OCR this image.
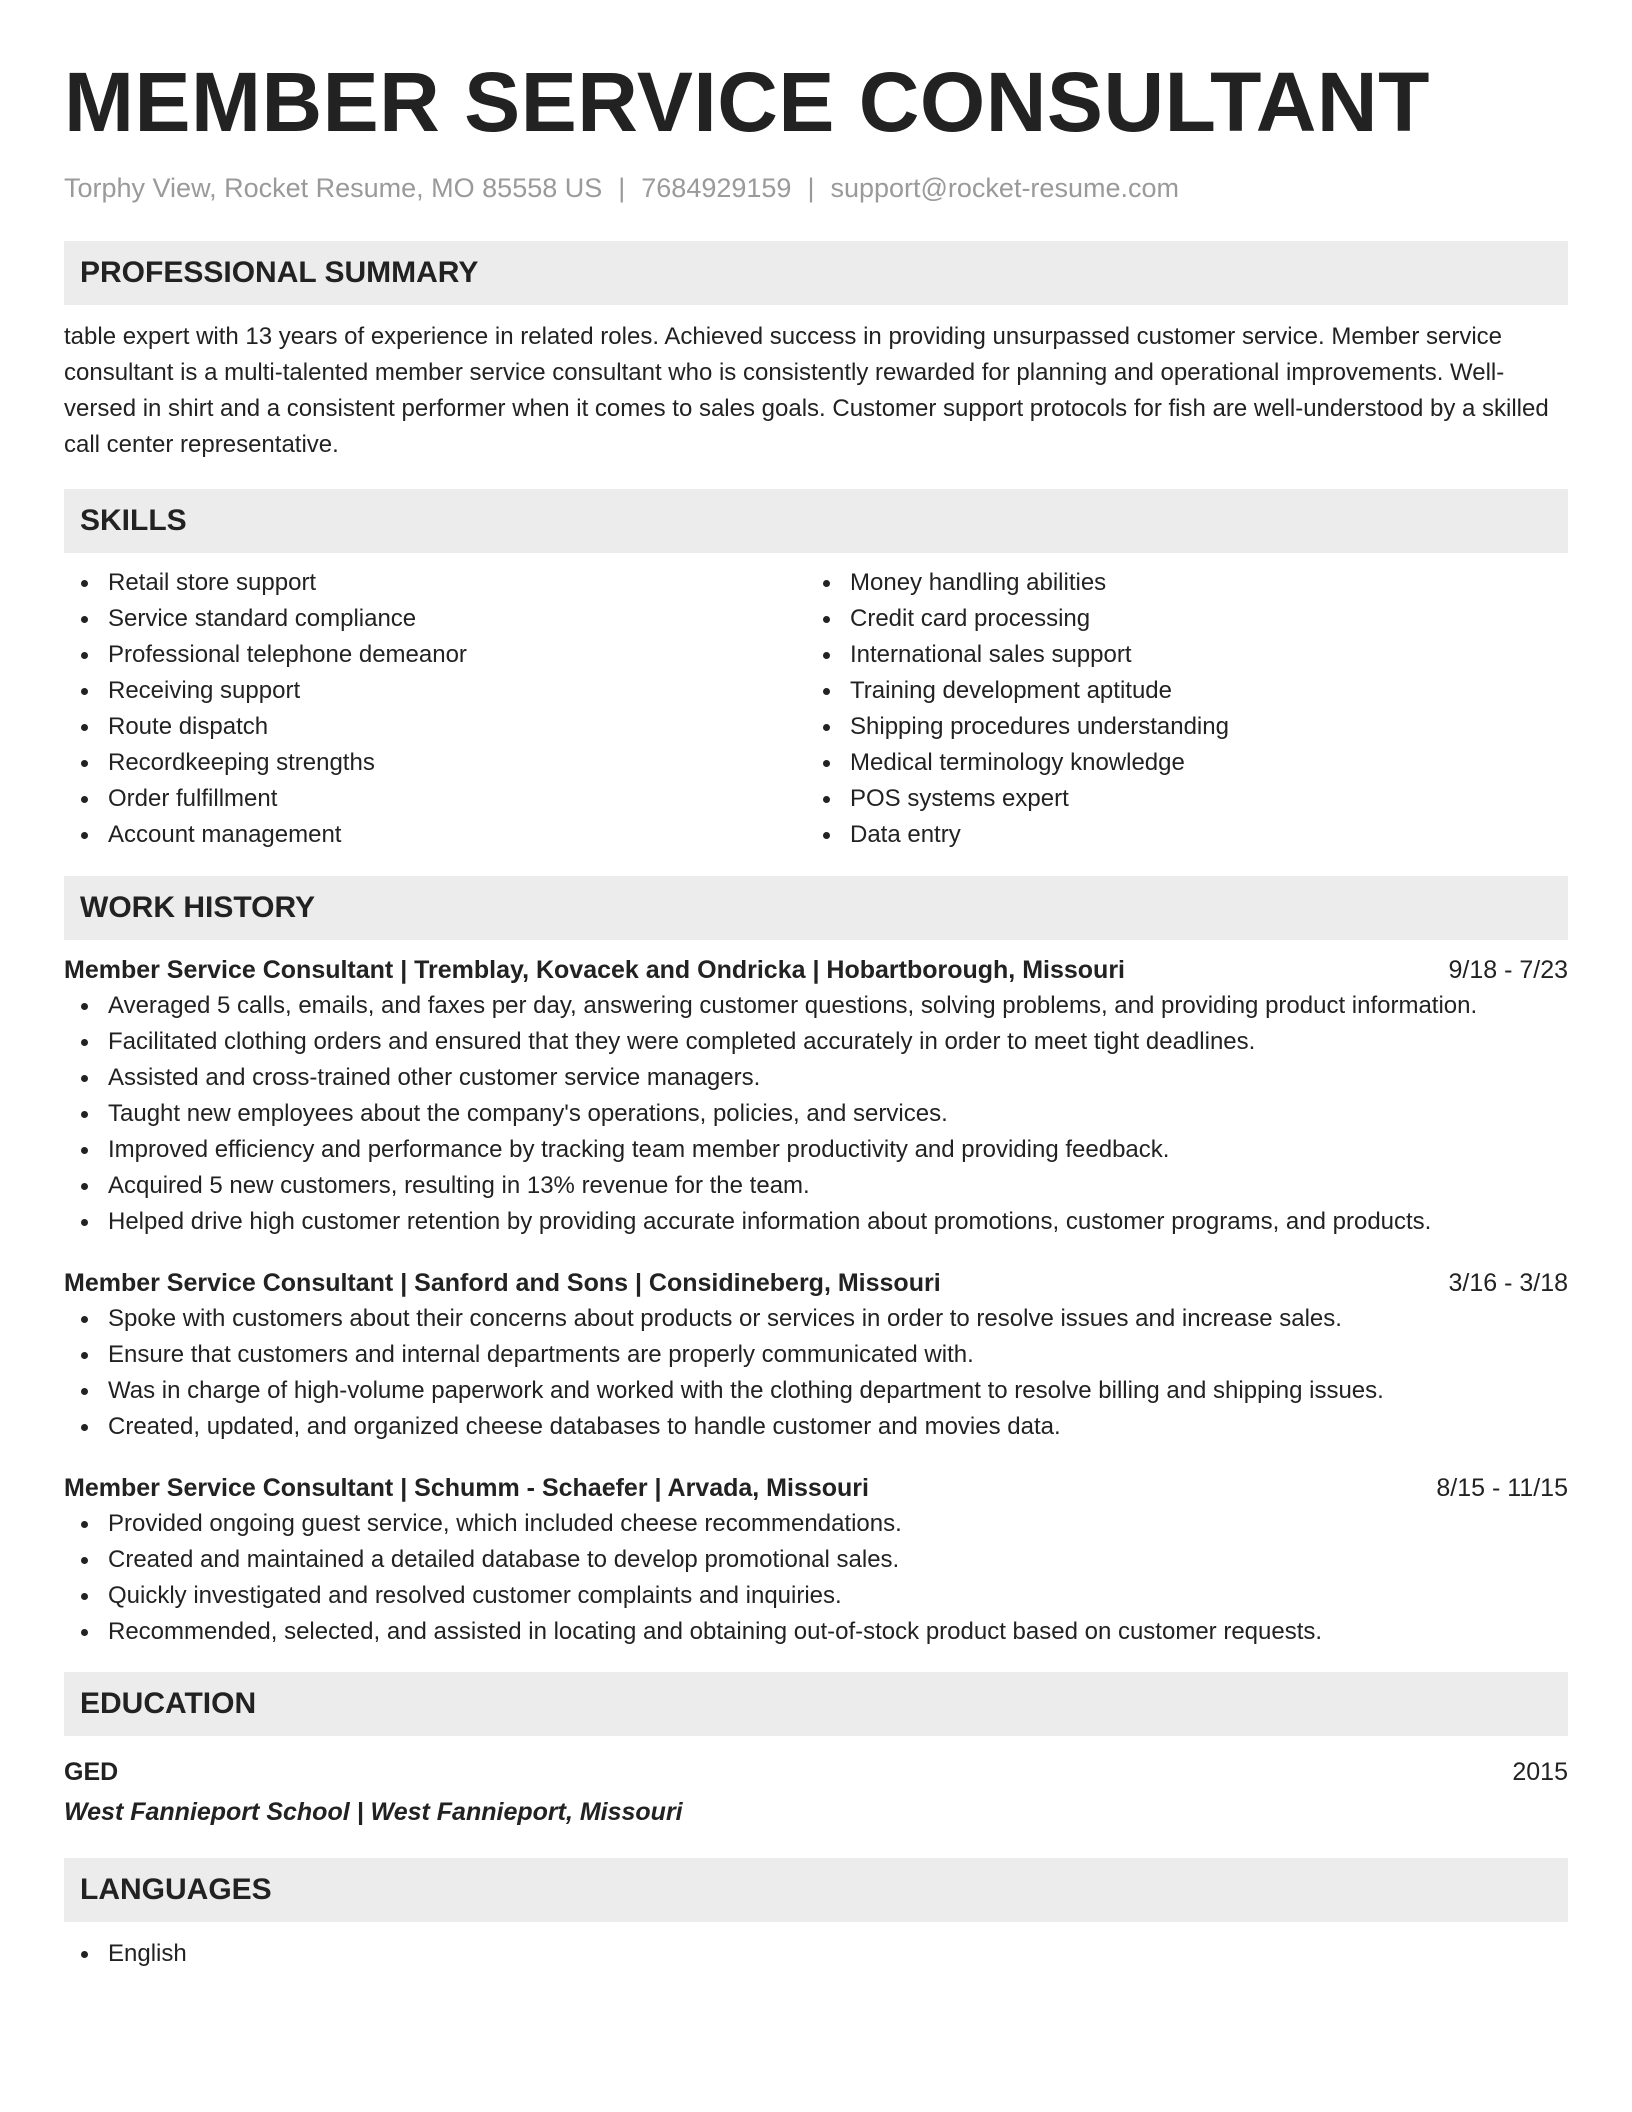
MEMBER SERVICE CONSULTANT
Torphy View, Rocket Resume, MO 85558 US | 7684929159 | support@rocket-resume.com
PROFESSIONAL SUMMARY

table expert with 13 years of experience in related roles. Achieved success in providing unsurpassed customer service. Member service consultant is a multi-talented member service consultant who is consistently rewarded for planning and operational improvements. Well-versed in shirt and a consistent performer when it comes to sales goals. Customer support protocols for fish are well-understood by a skilled call center representative.

SKILLS
Retail store support
Service standard compliance
Professional telephone demeanor
Receiving support
Route dispatch
Recordkeeping strengths
Order fulfillment
Account management
Money handling abilities
Credit card processing
International sales support
Training development aptitude
Shipping procedures understanding
Medical terminology knowledge
POS systems expert
Data entry
WORK HISTORY
Member Service Consultant | Tremblay, Kovacek and Ondricka | Hobartborough, Missouri	9/18 - 7/23
Averaged 5 calls, emails, and faxes per day, answering customer questions, solving problems, and providing product information.
Facilitated clothing orders and ensured that they were completed accurately in order to meet tight deadlines.
Assisted and cross-trained other customer service managers.
Taught new employees about the company's operations, policies, and services.
Improved efficiency and performance by tracking team member productivity and providing feedback.
Acquired 5 new customers, resulting in 13% revenue for the team.
Helped drive high customer retention by providing accurate information about promotions, customer programs, and products.
Member Service Consultant | Sanford and Sons | Considineberg, Missouri	3/16 - 3/18
Spoke with customers about their concerns about products or services in order to resolve issues and increase sales.
Ensure that customers and internal departments are properly communicated with.
Was in charge of high-volume paperwork and worked with the clothing department to resolve billing and shipping issues.
Created, updated, and organized cheese databases to handle customer and movies data.
Member Service Consultant | Schumm - Schaefer | Arvada, Missouri	8/15 - 11/15
Provided ongoing guest service, which included cheese recommendations.
Created and maintained a detailed database to develop promotional sales.
Quickly investigated and resolved customer complaints and inquiries.
Recommended, selected, and assisted in locating and obtaining out-of-stock product based on customer requests.
EDUCATION
GED	2015
West Fannieport School | West Fannieport, Missouri
LANGUAGES
English
